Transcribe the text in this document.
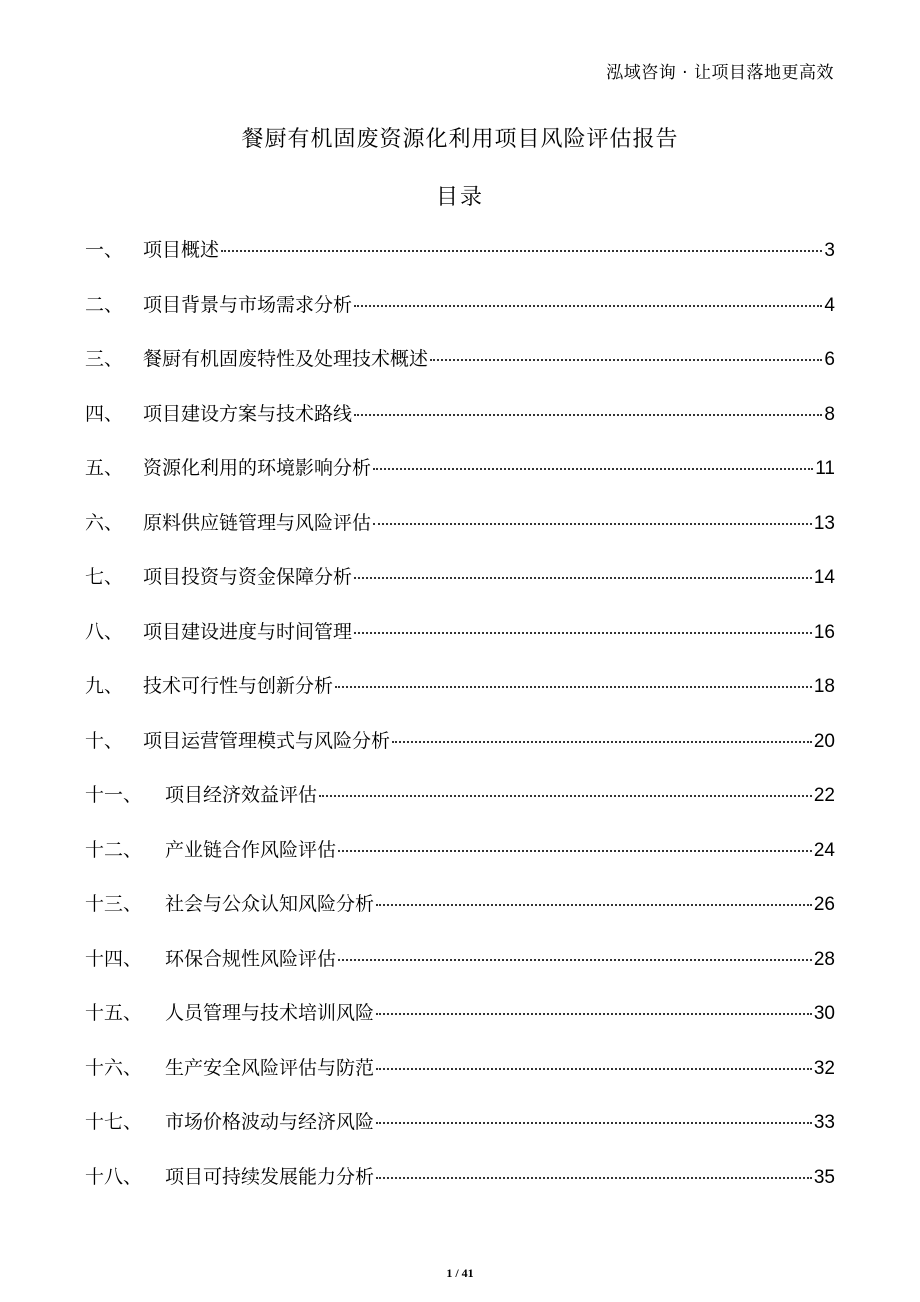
泓域咨询 · 让项目落地更高效
餐厨有机固废资源化利用项目风险评估报告
目录
一、	项目概述	3
二、	项目背景与市场需求分析	4
三、	餐厨有机固废特性及处理技术概述	6
四、	项目建设方案与技术路线	8
五、	资源化利用的环境影响分析	11
六、	原料供应链管理与风险评估	13
七、	项目投资与资金保障分析	14
八、	项目建设进度与时间管理	16
九、	技术可行性与创新分析	18
十、	项目运营管理模式与风险分析	20
十一、	项目经济效益评估	22
十二、	产业链合作风险评估	24
十三、	社会与公众认知风险分析	26
十四、	环保合规性风险评估	28
十五、	人员管理与技术培训风险	30
十六、	生产安全风险评估与防范	32
十七、	市场价格波动与经济风险	33
十八、	项目可持续发展能力分析	35
1 / 41
